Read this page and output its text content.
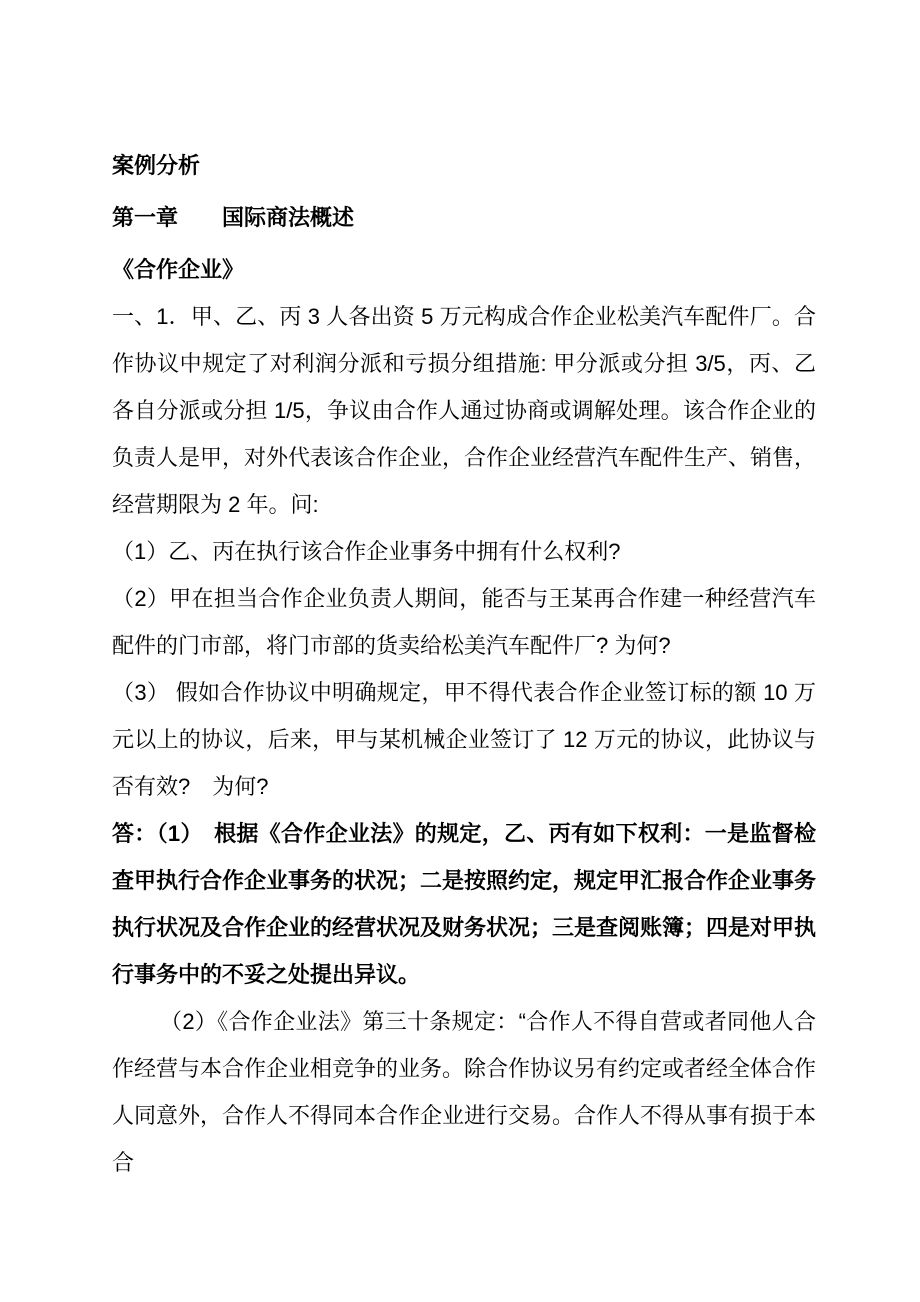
案例分析
第一章　　国际商法概述
《合作企业》

一、1．甲、乙、丙 3 人各出资 5 万元构成合作企业松美汽车配件厂。合作协议中规定了对利润分派和亏损分组措施: 甲分派或分担 3/5，丙、乙各自分派或分担 1/5，争议由合作人通过协商或调解处理。该合作企业的负责人是甲，对外代表该合作企业，合作企业经营汽车配件生产、销售，经营期限为 2 年。问:

（1）乙、丙在执行该合作企业事务中拥有什么权利?

（2）甲在担当合作企业负责人期间，能否与王某再合作建一种经营汽车配件的门市部，将门市部的货卖给松美汽车配件厂? 为何?

（3） 假如合作协议中明确规定，甲不得代表合作企业签订标的额 10 万元以上的协议，后来，甲与某机械企业签订了 12 万元的协议，此协议与否有效?　为何?

答：（1）　根据《合作企业法》的规定，乙、丙有如下权利：一是监督检查甲执行合作企业事务的状况；二是按照约定，规定甲汇报合作企业事务执行状况及合作企业的经营状况及财务状况；三是查阅账簿；四是对甲执行事务中的不妥之处提出异议。

（2）《合作企业法》第三十条规定：“合作人不得自营或者同他人合作经营与本合作企业相竞争的业务。除合作协议另有约定或者经全体合作人同意外，合作人不得同本合作企业进行交易。合作人不得从事有损于本合
